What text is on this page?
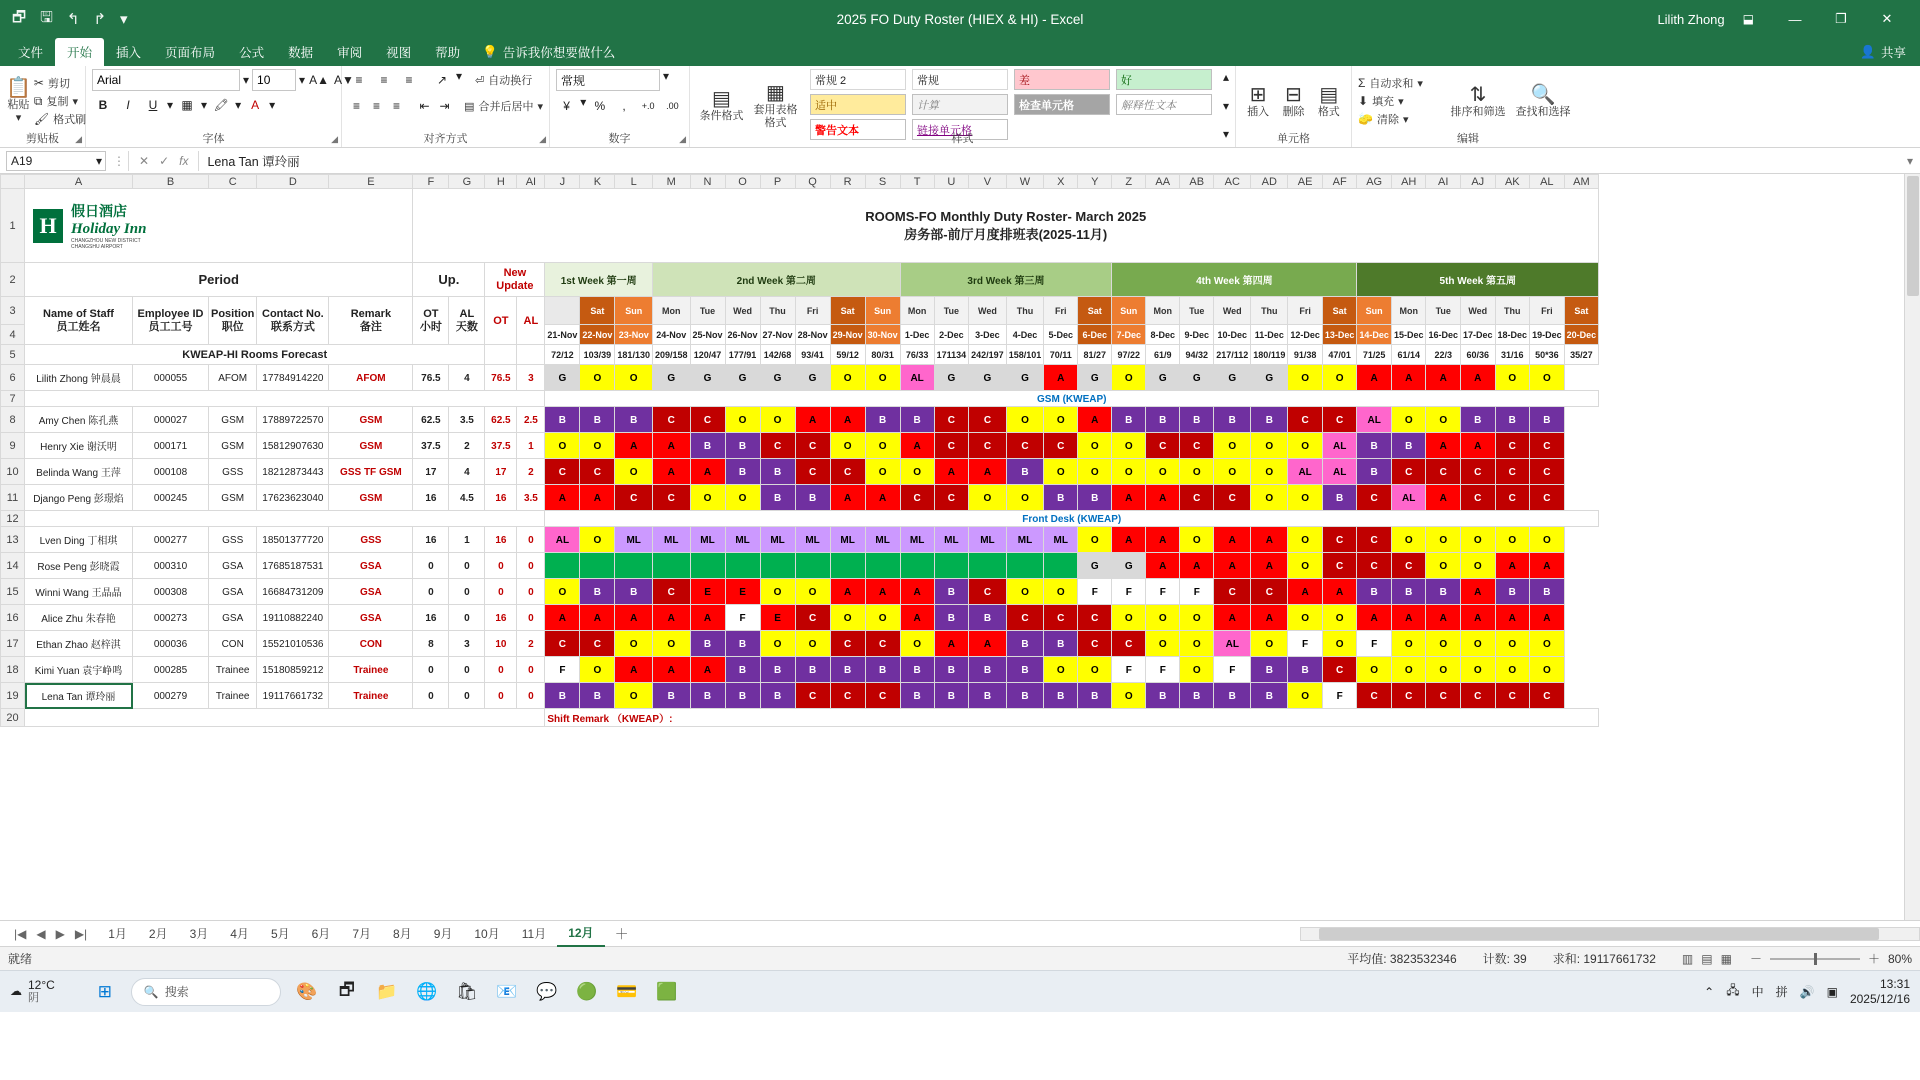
🗗 🖫 ↰ ↱ ▾	2025 FO Duty Roster (HIEX & HI) - Excel	Lilith Zhong ⬓	—	❐	✕
文件	开始	插入	页面布局	公式	数据	审阅	视图	帮助	💡 告诉我你想要做什么	👤 共享
📋
粘贴
▾
✂ 剪切
⧉ 复制 ▾
🖌 格式刷
剪贴板	◢
Arial
▾
10	▾ A▲ A▼
B	I	U ▾ ▦ ▾ 🖍 ▾ A ▾
字体	◢
≡	≡	≡	↗ ▾ ⏎ 自动换行
≡	≡	≡	⇤ ⇥	▤ 合并后居中 ▾
对齐方式	◢
常规
▾
¥ ▾ %	,	+.0	.00
数字	◢
▤
条件格式
▦
套用表格格式
常规 2	常规	差	好
适中	计算	检查单元格	解释性文本
警告文本	链接单元格
▴
▾
▾
样式
⊞
插入
⊟
删除
▤
格式
单元格
Σ 自动求和 ▾
⬇ 填充 ▾
🧽 清除 ▾
⇅
排序和筛选
🔍
查找和选择
编辑
A19	▾ ⋮ ✕ ✓ fx	Lena Tan 谭玲丽	▾
	A	B	C	D	E	F	G	H	AI	J	K	L	M	N	O	P	Q	R	S	T	U	V	W	X	Y	Z	AA	AB	AC	AD	AE	AF	AG	AH	AI	AJ	AK	AL	AM
1	H
假日酒店
Holiday Inn
CHANGZHOU NEW DISTRICT
CHANGSHU AIRPORT

ROOMS-FO Monthly Duty Roster- March 2025
房务部-前厅月度排班表(2025-11月)

2	Period					Up.		New
Update		1st Week 第一周			2nd Week 第二周							3rd Week 第三周						4th Week 第四周							5th Week 第五周						
3	Name of Staff
员工姓名	Employee ID
员工工号	Position
职位	Contact No.
联系方式	Remark
备注	OT
小时	AL
天数	OT	AL		Sat	Sun	Mon	Tue	Wed	Thu	Fri	Sat	Sun	Mon	Tue	Wed	Thu	Fri	Sat	Sun	Mon	Tue	Wed	Thu	Fri	Sat	Sun	Mon	Tue	Wed	Thu	Fri	Sat
4										21-Nov	22-Nov	23-Nov	24-Nov	25-Nov	26-Nov	27-Nov	28-Nov	29-Nov	30-Nov	1-Dec	2-Dec	3-Dec	4-Dec	5-Dec	6-Dec	7-Dec	8-Dec	9-Dec	10-Dec	11-Dec	12-Dec	13-Dec	14-Dec	15-Dec	16-Dec	17-Dec	18-Dec	19-Dec	20-Dec
5	KWEAP-HI Rooms Forecast									72/12	103/39	181/130	209/158	120/47	177/91	142/68	93/41	59/12	80/31	76/33	171134	242/197	158/101	70/11	81/27	97/22	61/9	94/32	217/112	180/119	91/38	47/01	71/25	61/14	22/3	60/36	31/16	50*36	35/27
6	Lilith Zhong 钟晨晨	000055	AFOM	17784914220	AFOM	76.5	4	76.5	3	G	O	O	G	G	G	G	G	O	O	AL	G	G	G	A	G	O	G	G	G	G	O	O	A	A	A	A	O	O	
7										GSM (KWEAP)																													
8	Amy Chen 陈孔燕	000027	GSM	17889722570	GSM	62.5	3.5	62.5	2.5	B	B	B	C	C	O	O	A	A	B	B	C	C	O	O	A	B	B	B	B	B	C	C	AL	O	O	B	B	B	
9	Henry Xie 谢沃明	000171	GSM	15812907630	GSM	37.5	2	37.5	1	O	O	A	A	B	B	C	C	O	O	A	C	C	C	C	O	O	C	C	O	O	O	AL	B	B	A	A	C	C	
10	Belinda Wang 王萍	000108	GSS	18212873443	GSS TF GSM	17	4	17	2	C	C	O	A	A	B	B	C	C	O	O	A	A	B	O	O	O	O	O	O	O	AL	AL	B	C	C	C	C	C	
11	Django Peng 彭璟焰	000245	GSM	17623623040	GSM	16	4.5	16	3.5	A	A	C	C	O	O	B	B	A	A	C	C	O	O	B	B	A	A	C	C	O	O	B	C	AL	A	C	C	C	
12										Front Desk (KWEAP)																													
13	Lven Ding 丁相琪	000277	GSS	18501377720	GSS	16	1	16	0	AL	O	ML	ML	ML	ML	ML	ML	ML	ML	ML	ML	ML	ML	ML	O	A	A	O	A	A	O	C	C	O	O	O	O	O	
14	Rose Peng 彭晓霞	000310	GSA	17685187531	GSA	0	0	0	0																G	G	A	A	A	A	O	C	C	C	O	O	A	A	
15	Winni Wang 王晶晶	000308	GSA	16684731209	GSA	0	0	0	0	O	B	B	C	E	E	O	O	A	A	A	B	C	O	O	F	F	F	F	C	C	A	A	B	B	B	A	B	B	
16	Alice Zhu 朱春艳	000273	GSA	19110882240	GSA	16	0	16	0	A	A	A	A	A	F	E	C	O	O	A	B	B	C	C	C	O	O	O	A	A	O	O	A	A	A	A	A	A	
17	Ethan Zhao 赵梓淇	000036	CON	15521010536	CON	8	3	10	2	C	C	O	O	B	B	O	O	C	C	O	A	A	B	B	C	C	O	O	AL	O	F	O	F	O	O	O	O	O	
18	Kimi Yuan 袁宇峥鸣	000285	Trainee	15180859212	Trainee	0	0	0	0	F	O	A	A	A	B	B	B	B	B	B	B	B	B	O	O	F	F	O	F	B	B	C	O	O	O	O	O	O	
19	Lena Tan 谭玲丽	000279	Trainee	19117661732	Trainee	0	0	0	0	B	B	O	B	B	B	B	C	C	C	B	B	B	B	B	B	O	B	B	B	B	O	F	C	C	C	C	C	C	
20										Shift Remark （KWEAP）:																													
|◀ ◀ ▶ ▶|	1月	2月	3月	4月	5月	6月	7月	8月	9月	10月	11月	12月	＋
就绪	平均值: 3823532346 计数: 39 求和: 19117661732 ▥ ▤ ▦ －	＋ 80%
☁ 12°C
阴	⊞	🔍 搜索	🎨	🗗	📁 🌐 🛍 📧 💬 🟢 💳 🟩	⌃ 🖧 中 拼 🔊 ▣
13:31
2025/12/16
